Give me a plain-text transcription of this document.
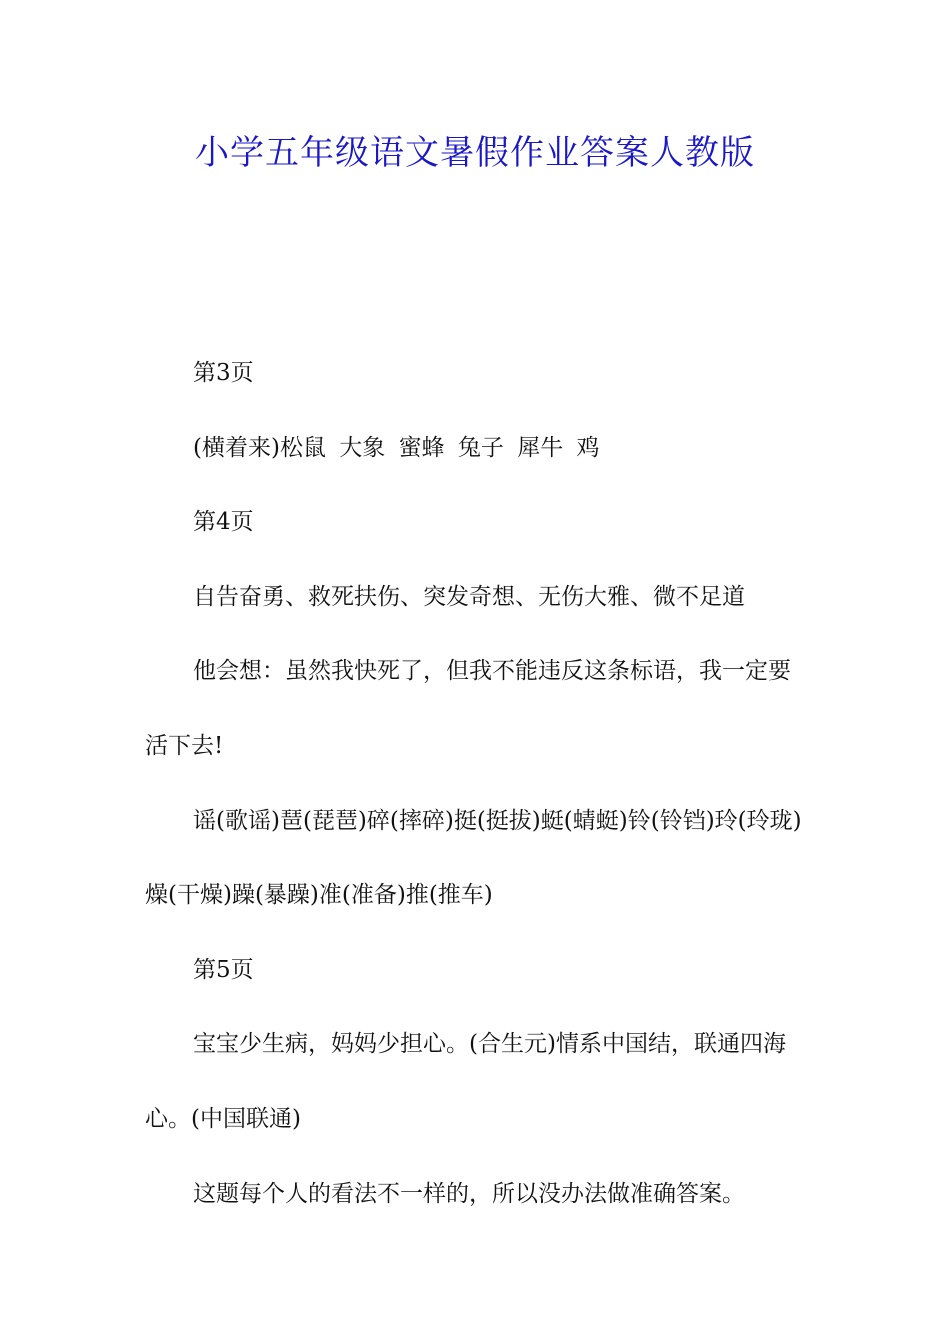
小学五年级语文暑假作业答案人教版

第3页

(横着来)松鼠 大象 蜜蜂 兔子 犀牛 鸡

第4页

自告奋勇、救死扶伤、突发奇想、无伤大雅、微不足道

他会想：虽然我快死了，但我不能违反这条标语，我一定要活下去!

谣(歌谣)琶(琵琶)碎(摔碎)挺(挺拔)蜓(蜻蜓)铃(铃铛)玲(玲珑)燥(干燥)躁(暴躁)准(准备)推(推车)

第5页

宝宝少生病，妈妈少担心。(合生元)情系中国结，联通四海心。(中国联通)

这题每个人的看法不一样的，所以没办法做准确答案。
